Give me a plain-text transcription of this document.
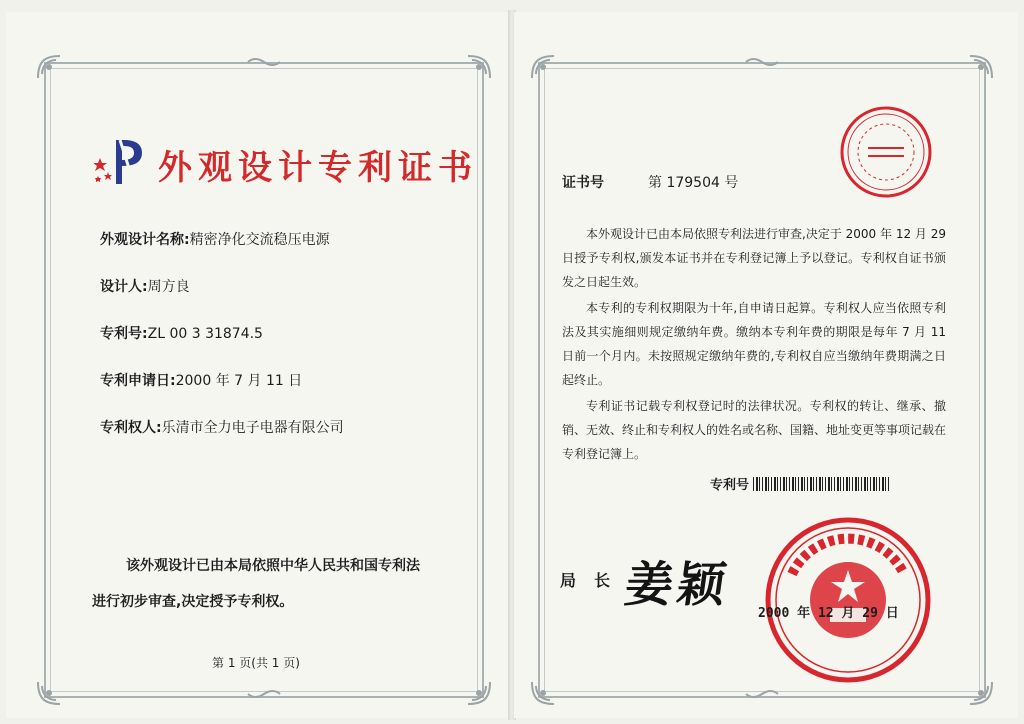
外观设计专利证书
外观设计名称:精密净化交流稳压电源
设计人:周方良
专利号:ZL 00 3 31874.5
专利申请日:2000 年 7 月 11 日
专利权人:乐清市全力电子电器有限公司
该外观设计已由本局依照中华人民共和国专利法
进行初步审查,决定授予专利权。
第 1 页(共 1 页)
证书号	第 179504 号

本外观设计已由本局依照专利法进行审查,决定于 2000 年 12 月 29 日授予专利权,颁发本证书并在专利登记簿上予以登记。专利权自证书颁发之日起生效。

本专利的专利权期限为十年,自申请日起算。专利权人应当依照专利法及其实施细则规定缴纳年费。缴纳本专利年费的期限是每年 7 月 11 日前一个月内。未按照规定缴纳年费的,专利权自应当缴纳年费期满之日起终止。

专利证书记载专利权登记时的法律状况。专利权的转让、继承、撤销、无效、终止和专利权人的姓名或名称、国籍、地址变更等事项记载在专利登记簿上。

专利号
局长
姜颖
2000 年 12 月 29 日
